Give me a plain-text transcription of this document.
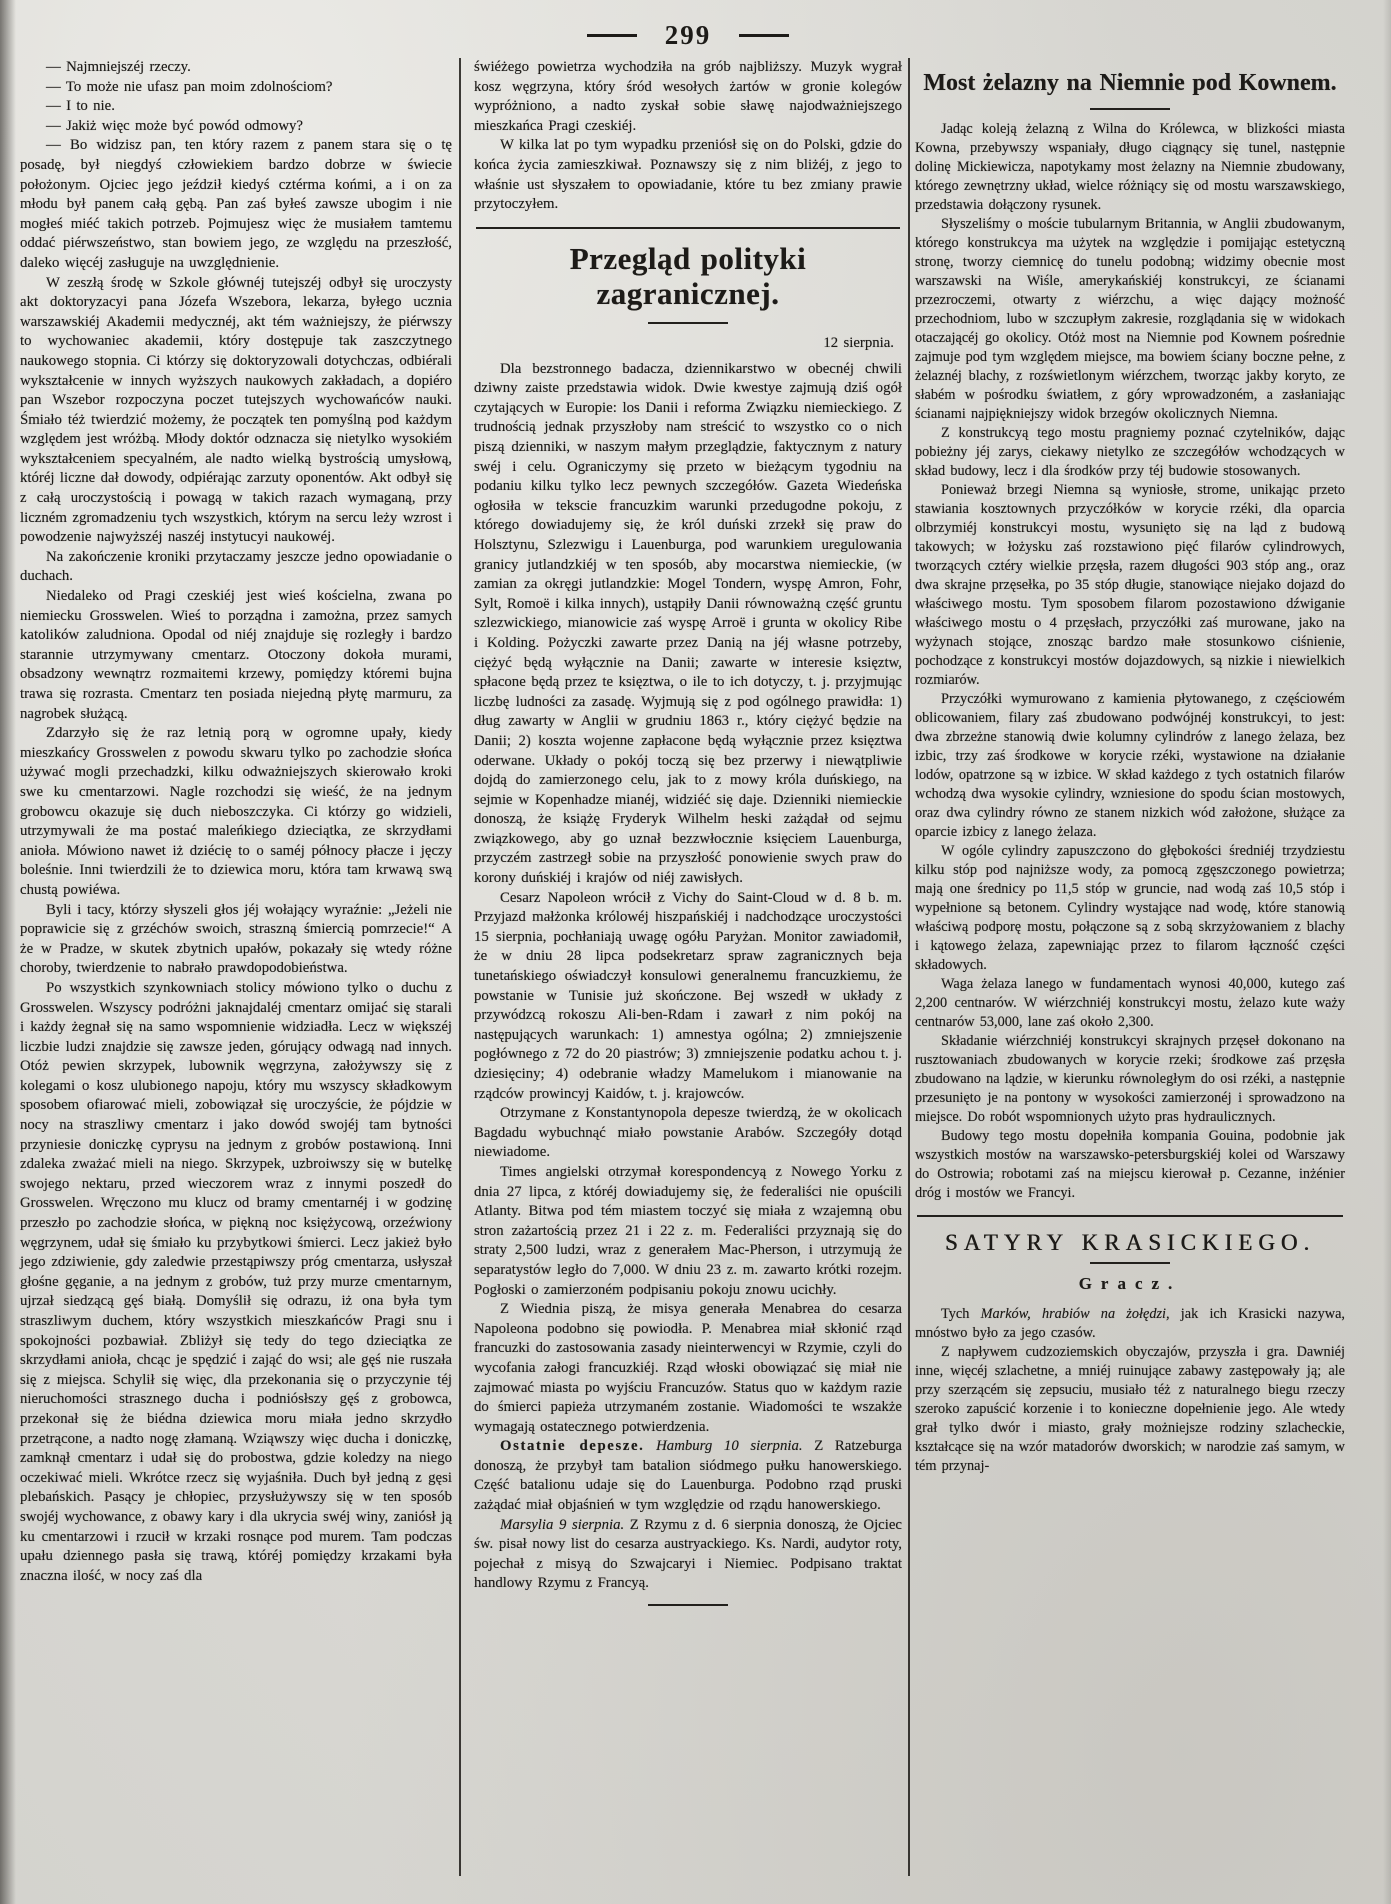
299

— Najmniejszéj rzeczy.

— To może nie ufasz pan moim zdolnościom?

— I to nie.

— Jakiż więc może być powód odmowy?

— Bo widzisz pan, ten który razem z panem stara się o tę posadę, był niegdyś człowiekiem bardzo dobrze w świecie położonym. Ojciec jego jeździł kiedyś cztérma końmi, a i on za młodu był panem całą gębą. Pan zaś byłeś zawsze ubogim i nie mogłeś miéć takich potrzeb. Pojmujesz więc że musiałem tamtemu oddać piérwszeństwo, stan bowiem jego, ze względu na przeszłość, daleko więcéj zasługuje na uwzględnienie.

W zeszłą środę w Szkole głównéj tutejszéj odbył się uroczysty akt doktoryzacyi pana Józefa Wszebora, lekarza, byłego ucznia warszawskiéj Akademii medycznéj, akt tém ważniejszy, że piérwszy to wychowaniec akademii, który dostępuje tak zaszczytnego naukowego stopnia. Ci którzy się doktoryzowali dotychczas, odbiérali wykształcenie w innych wyższych naukowych zakładach, a dopiéro pan Wszebor rozpoczyna poczet tutejszych wychowańców nauki. Śmiało téż twierdzić możemy, że początek ten pomyślną pod każdym względem jest wróżbą. Młody doktór odznacza się nietylko wysokiém wykształceniem specyalném, ale nadto wielką bystrością umysłową, któréj liczne dał dowody, odpiérając zarzuty oponentów. Akt odbył się z całą uroczystością i powagą w takich razach wymaganą, przy liczném zgromadzeniu tych wszystkich, którym na sercu leży wzrost i powodzenie najwyższéj naszéj instytucyi naukowéj.

Na zakończenie kroniki przytaczamy jeszcze jedno opowiadanie o duchach.

Niedaleko od Pragi czeskiéj jest wieś kościelna, zwana po niemiecku Grosswelen. Wieś to porządna i zamożna, przez samych katolików zaludniona. Opodal od niéj znajduje się rozległy i bardzo starannie utrzymywany cmentarz. Otoczony dokoła murami, obsadzony wewnątrz rozmaitemi krzewy, pomiędzy któremi bujna trawa się rozrasta. Cmentarz ten posiada niejedną płytę marmuru, za nagrobek służącą.

Zdarzyło się że raz letnią porą w ogromne upały, kiedy mieszkańcy Grosswelen z powodu skwaru tylko po zachodzie słońca używać mogli przechadzki, kilku odważniejszych skierowało kroki swe ku cmentarzowi. Nagle rozchodzi się wieść, że na jednym grobowcu okazuje się duch nieboszczyka. Ci którzy go widzieli, utrzymywali że ma postać maleńkiego dzieciątka, ze skrzydłami anioła. Mówiono nawet iż dziécię to o saméj północy płacze i jęczy boleśnie. Inni twierdzili że to dziewica moru, która tam krwawą swą chustą powiéwa.

Byli i tacy, którzy słyszeli głos jéj wołający wyraźnie: „Jeżeli nie poprawicie się z grzéchów swoich, straszną śmiercią pomrzecie!“ A że w Pradze, w skutek zbytnich upałów, pokazały się wtedy różne choroby, twierdzenie to nabrało prawdopodobieństwa.

Po wszystkich szynkowniach stolicy mówiono tylko o duchu z Grosswelen. Wszyscy podróżni jaknajdaléj cmentarz omijać się starali i każdy żegnał się na samo wspomnienie widziadła. Lecz w większéj liczbie ludzi znajdzie się zawsze jeden, górujący odwagą nad innych. Otóż pewien skrzypek, lubownik węgrzyna, założywszy się z kolegami o kosz ulubionego napoju, który mu wszyscy składkowym sposobem ofiarować mieli, zobowiązał się uroczyście, że pójdzie w nocy na straszliwy cmentarz i jako dowód swojéj tam bytności przyniesie doniczkę cyprysu na jednym z grobów postawioną. Inni zdaleka zważać mieli na niego. Skrzypek, uzbroiwszy się w butelkę swojego nektaru, przed wieczorem wraz z innymi poszedł do Grosswelen. Wręczono mu klucz od bramy cmentarnéj i w godzinę przeszło po zachodzie słońca, w piękną noc księżycową, orzeźwiony węgrzynem, udał się śmiało ku przybytkowi śmierci. Lecz jakież było jego zdziwienie, gdy zaledwie przestąpiwszy próg cmentarza, usłyszał głośne gęganie, a na jednym z grobów, tuż przy murze cmentarnym, ujrzał siedzącą gęś białą. Domyślił się odrazu, iż ona była tym straszliwym duchem, który wszystkich mieszkańców Pragi snu i spokojności pozbawiał. Zbliżył się tedy do tego dzieciątka ze skrzydłami anioła, chcąc je spędzić i zająć do wsi; ale gęś nie ruszała się z miejsca. Schylił się więc, dla przekonania się o przyczynie téj nieruchomości strasznego ducha i podniósłszy gęś z grobowca, przekonał się że biédna dziewica moru miała jedno skrzydło przetrącone, a nadto nogę złamaną. Wziąwszy więc ducha i doniczkę, zamknął cmentarz i udał się do probostwa, gdzie koledzy na niego oczekiwać mieli. Wkrótce rzecz się wyjaśniła. Duch był jedną z gęsi plebańskich. Pasący je chłopiec, przysłużywszy się w ten sposób swojéj wychowance, z obawy kary i dla ukrycia swéj winy, zaniósł ją ku cmentarzowi i rzucił w krzaki rosnące pod murem. Tam podczas upału dziennego pasła się trawą, któréj pomiędzy krzakami była znaczna ilość, w nocy zaś dla

świéżego powietrza wychodziła na grób najbliższy. Muzyk wygrał kosz węgrzyna, który śród wesołych żartów w gronie kolegów wypróżniono, a nadto zyskał sobie sławę najodważniejszego mieszkańca Pragi czeskiéj.

W kilka lat po tym wypadku przeniósł się on do Polski, gdzie do końca życia zamieszkiwał. Poznawszy się z nim bliżéj, z jego to właśnie ust słyszałem to opowiadanie, które tu bez zmiany prawie przytoczyłem.

Przegląd polityki zagranicznej.
12 sierpnia.

Dla bezstronnego badacza, dziennikarstwo w obecnéj chwili dziwny zaiste przedstawia widok. Dwie kwestye zajmują dziś ogół czytających w Europie: los Danii i reforma Związku niemieckiego. Z trudnością jednak przyszłoby nam streścić to wszystko co o nich piszą dzienniki, w naszym małym przeglądzie, faktycznym z natury swéj i celu. Ograniczymy się przeto w bieżącym tygodniu na podaniu kilku tylko lecz pewnych szczegółów. Gazeta Wiedeńska ogłosiła w tekscie francuzkim warunki przedugodne pokoju, z którego dowiadujemy się, że król duński zrzekł się praw do Holsztynu, Szlezwigu i Lauenburga, pod warunkiem uregulowania granicy jutlandzkiéj w ten sposób, aby mocarstwa niemieckie, (w zamian za okręgi jutlandzkie: Mogel Tondern, wyspę Amron, Fohr, Sylt, Romoë i kilka innych), ustąpiły Danii równoważną część gruntu szlezwickiego, mianowicie zaś wyspę Arroë i grunta w okolicy Ribe i Kolding. Pożyczki zawarte przez Danią na jéj własne potrzeby, ciężyć będą wyłącznie na Danii; zawarte w interesie księztw, spłacone będą przez te księztwa, o ile to ich dotyczy, t. j. przyjmując liczbę ludności za zasadę. Wyjmują się z pod ogólnego prawidła: 1) dług zawarty w Anglii w grudniu 1863 r., który ciężyć będzie na Danii; 2) koszta wojenne zapłacone będą wyłącznie przez księztwa oderwane. Układy o pokój toczą się bez przerwy i niewątpliwie dojdą do zamierzonego celu, jak to z mowy króla duńskiego, na sejmie w Kopenhadze mianéj, widziéć się daje. Dzienniki niemieckie donoszą, że książę Fryderyk Wilhelm heski zażądał od sejmu związkowego, aby go uznał bezzwłocznie księciem Lauenburga, przyczém zastrzegł sobie na przyszłość ponowienie swych praw do korony duńskiéj i krajów od niéj zawisłych.

Cesarz Napoleon wrócił z Vichy do Saint-Cloud w d. 8 b. m. Przyjazd małżonka królowéj hiszpańskiéj i nadchodzące uroczystości 15 sierpnia, pochłaniają uwagę ogółu Paryżan. Monitor zawiadomił, że w dniu 28 lipca podsekretarz spraw zagranicznych beja tunetańskiego oświadczył konsulowi generalnemu francuzkiemu, że powstanie w Tunisie już skończone. Bej wszedł w układy z przywódzcą rokoszu Ali-ben-Rdam i zawarł z nim pokój na następujących warunkach: 1) amnestya ogólna; 2) zmniejszenie pogłównego z 72 do 20 piastrów; 3) zmniejszenie podatku achou t. j. dziesięciny; 4) odebranie władzy Mamelukom i mianowanie na rządców prowincyj Kaidów, t. j. krajowców.

Otrzymane z Konstantynopola depesze twierdzą, że w okolicach Bagdadu wybuchnąć miało powstanie Arabów. Szczegóły dotąd niewiadome.

Times angielski otrzymał korespondencyą z Nowego Yorku z dnia 27 lipca, z któréj dowiadujemy się, że federaliści nie opuścili Atlanty. Bitwa pod tém miastem toczyć się miała z wzajemną obu stron zażartością przez 21 i 22 z. m. Federaliści przyznają się do straty 2,500 ludzi, wraz z generałem Mac-Pherson, i utrzymują że separatystów legło do 7,000. W dniu 23 z. m. zawarto krótki rozejm. Pogłoski o zamierzoném podpisaniu pokoju znowu ucichły.

Z Wiednia piszą, że misya generała Menabrea do cesarza Napoleona podobno się powiodła. P. Menabrea miał skłonić rząd francuzki do zastosowania zasady nieinterwencyi w Rzymie, czyli do wycofania załogi francuzkiéj. Rząd włoski obowiązać się miał nie zajmować miasta po wyjściu Francuzów. Status quo w każdym razie do śmierci papieża utrzymaném zostanie. Wiadomości te wszakże wymagają ostatecznego potwierdzenia.

Ostatnie depesze. Hamburg 10 sierpnia. Z Ratzeburga donoszą, że przybył tam batalion siódmego pułku hanowerskiego. Część batalionu udaje się do Lauenburga. Podobno rząd pruski zażądać miał objaśnień w tym względzie od rządu hanowerskiego.

Marsylia 9 sierpnia. Z Rzymu z d. 6 sierpnia donoszą, że Ojciec św. pisał nowy list do cesarza austryackiego. Ks. Nardi, audytor roty, pojechał z misyą do Szwajcaryi i Niemiec. Podpisano traktat handlowy Rzymu z Francyą.

Most żelazny na Niemnie pod Kownem.

Jadąc koleją żelazną z Wilna do Królewca, w blizkości miasta Kowna, przebywszy wspaniały, długo ciągnący się tunel, następnie dolinę Mickiewicza, napotykamy most żelazny na Niemnie zbudowany, którego zewnętrzny układ, wielce różniący się od mostu warszawskiego, przedstawia dołączony rysunek.

Słyszeliśmy o moście tubularnym Britannia, w Anglii zbudowanym, którego konstrukcya ma użytek na względzie i pomijając estetyczną stronę, tworzy ciemnicę do tunelu podobną; widzimy obecnie most warszawski na Wiśle, amerykańskiéj konstrukcyi, ze ścianami przezroczemi, otwarty z wiérzchu, a więc dający możność przechodniom, lubo w szczupłym zakresie, rozglądania się w widokach otaczającéj go okolicy. Otóż most na Niemnie pod Kownem pośrednie zajmuje pod tym względem miejsce, ma bowiem ściany boczne pełne, z żelaznéj blachy, z rozświetlonym wiérzchem, tworząc jakby koryto, ze słabém w pośrodku światłem, z góry wprowadzoném, a zasłaniając ścianami najpiękniejszy widok brzegów okolicznych Niemna.

Z konstrukcyą tego mostu pragniemy poznać czytelników, dając pobieżny jéj zarys, ciekawy nietylko ze szczegółów wchodzących w skład budowy, lecz i dla środków przy téj budowie stosowanych.

Ponieważ brzegi Niemna są wyniosłe, strome, unikając przeto stawiania kosztownych przyczółków w korycie rzéki, dla oparcia olbrzymiéj konstrukcyi mostu, wysunięto się na ląd z budową takowych; w łożysku zaś rozstawiono pięć filarów cylindrowych, tworzących cztéry wielkie przęsła, razem długości 903 stóp ang., oraz dwa skrajne przęsełka, po 35 stóp długie, stanowiące niejako dojazd do właściwego mostu. Tym sposobem filarom pozostawiono dźwiganie właściwego mostu o 4 przęsłach, przyczółki zaś murowane, jako na wyżynach stojące, znosząc bardzo małe stosunkowo ciśnienie, pochodzące z konstrukcyi mostów dojazdowych, są nizkie i niewielkich rozmiarów.

Przyczółki wymurowano z kamienia płytowanego, z częściowém oblicowaniem, filary zaś zbudowano podwójnéj konstrukcyi, to jest: dwa zbrzeżne stanowią dwie kolumny cylindrów z lanego żelaza, bez izbic, trzy zaś środkowe w korycie rzéki, wystawione na działanie lodów, opatrzone są w izbice. W skład każdego z tych ostatnich filarów wchodzą dwa wysokie cylindry, wzniesione do spodu ścian mostowych, oraz dwa cylindry równo ze stanem nizkich wód założone, służące za oparcie izbicy z lanego żelaza.

W ogóle cylindry zapuszczono do głębokości średniéj trzydziestu kilku stóp pod najniższe wody, za pomocą zgęszczonego powietrza; mają one średnicy po 11,5 stóp w gruncie, nad wodą zaś 10,5 stóp i wypełnione są betonem. Cylindry wystające nad wodę, które stanowią właściwą podporę mostu, połączone są z sobą skrzyżowaniem z blachy i kątowego żelaza, zapewniając przez to filarom łączność części składowych.

Waga żelaza lanego w fundamentach wynosi 40,000, kutego zaś 2,200 centnarów. W wiérzchniéj konstrukcyi mostu, żelazo kute waży centnarów 53,000, lane zaś około 2,300.

Składanie wiérzchniéj konstrukcyi skrajnych przęseł dokonano na rusztowaniach zbudowanych w korycie rzeki; środkowe zaś przęsła zbudowano na lądzie, w kierunku równoległym do osi rzéki, a następnie przesunięto je na pontony w wysokości zamierzonéj i sprowadzono na miejsce. Do robót wspomnionych użyto pras hydraulicznych.

Budowy tego mostu dopełniła kompania Gouina, podobnie jak wszystkich mostów na warszawsko-petersburgskiéj kolei od Warszawy do Ostrowia; robotami zaś na miejscu kierował p. Cezanne, inżénier dróg i mostów we Francyi.

SATYRY KRASICKIEGO.
Gracz.

Tych Marków, hrabiów na żołędzi, jak ich Krasicki nazywa, mnóstwo było za jego czasów.

Z napływem cudzoziemskich obyczajów, przyszła i gra. Dawniéj inne, więcéj szlachetne, a mniéj ruinujące zabawy zastępowały ją; ale przy szerzącém się zepsuciu, musiało téż z naturalnego biegu rzeczy szeroko zapuścić korzenie i to konieczne dopełnienie jego. Ale wtedy grał tylko dwór i miasto, grały możniejsze rodziny szlacheckie, kształcące się na wzór matadorów dworskich; w narodzie zaś samym, w tém przynaj-
